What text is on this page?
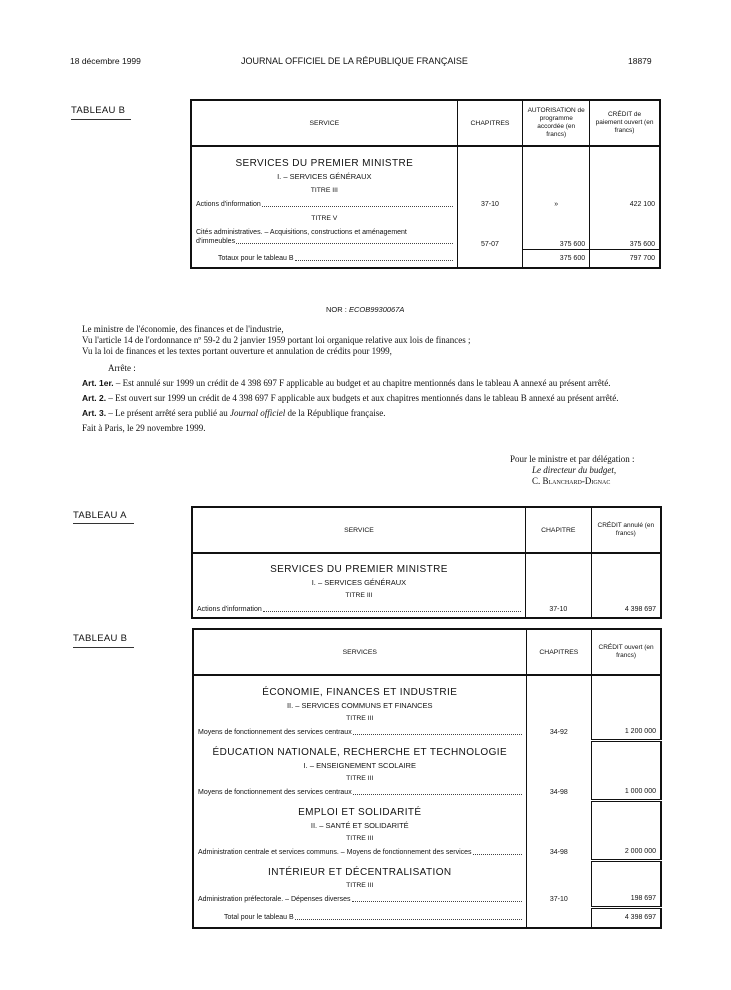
18 décembre 1999	JOURNAL OFFICIEL DE LA RÉPUBLIQUE FRANÇAISE	18879
TABLEAU B
SERVICE	CHAPITRES	AUTORISATION de programme accordée (en francs)	CRÉDIT de paiement ouvert (en francs)

SERVICES DU PREMIER MINISTRE			
I. – SERVICES GÉNÉRAUX			
TITRE III			

Actions d'information	37-10	»	422 100
TITRE V			

Cités administratives. – Acquisitions, constructions et aménagement
d'immeubles	57-07	375 600	375 600

Totaux pour le tableau B		375 600	797 700
NOR : ECOB9930067A

Le ministre de l'économie, des finances et de l'industrie,

Vu l'article 14 de l'ordonnance nº 59-2 du 2 janvier 1959 portant loi organique relative aux lois de finances ;

Vu la loi de finances et les textes portant ouverture et annulation de crédits pour 1999,

Arrête :

Art. 1er. – Est annulé sur 1999 un crédit de 4 398 697 F applicable au budget et au chapitre mentionnés dans le tableau A annexé au présent arrêté.

Art. 2. – Est ouvert sur 1999 un crédit de 4 398 697 F applicable aux budgets et aux chapitres mentionnés dans le tableau B annexé au présent arrêté.

Art. 3. – Le présent arrêté sera publié au Journal officiel de la République française.

Fait à Paris, le 29 novembre 1999.

Pour le ministre et par délégation :
Le directeur du budget,
C. Blanchard-Dignac
TABLEAU A
SERVICE	CHAPITRE	CRÉDIT annulé (en francs)

SERVICES DU PREMIER MINISTRE		
I. – SERVICES GÉNÉRAUX		
TITRE III		

Actions d'information	37-10	4 398 697
TABLEAU B
SERVICES	CHAPITRES	CRÉDIT ouvert (en francs)

ÉCONOMIE, FINANCES ET INDUSTRIE		
II. – SERVICES COMMUNS ET FINANCES		
TITRE III		

Moyens de fonctionnement des services centraux	34-92	1 200 000

ÉDUCATION NATIONALE, RECHERCHE ET TECHNOLOGIE		
I. – ENSEIGNEMENT SCOLAIRE		
TITRE III		

Moyens de fonctionnement des services centraux	34-98	1 000 000

EMPLOI ET SOLIDARITÉ		
II. – SANTÉ ET SOLIDARITÉ		
TITRE III		

Administration centrale et services communs. – Moyens de fonctionnement des services	34-98	2 000 000

INTÉRIEUR ET DÉCENTRALISATION		
TITRE III		

Administration préfectorale. – Dépenses diverses	37-10	198 697

Total pour le tableau B		4 398 697
